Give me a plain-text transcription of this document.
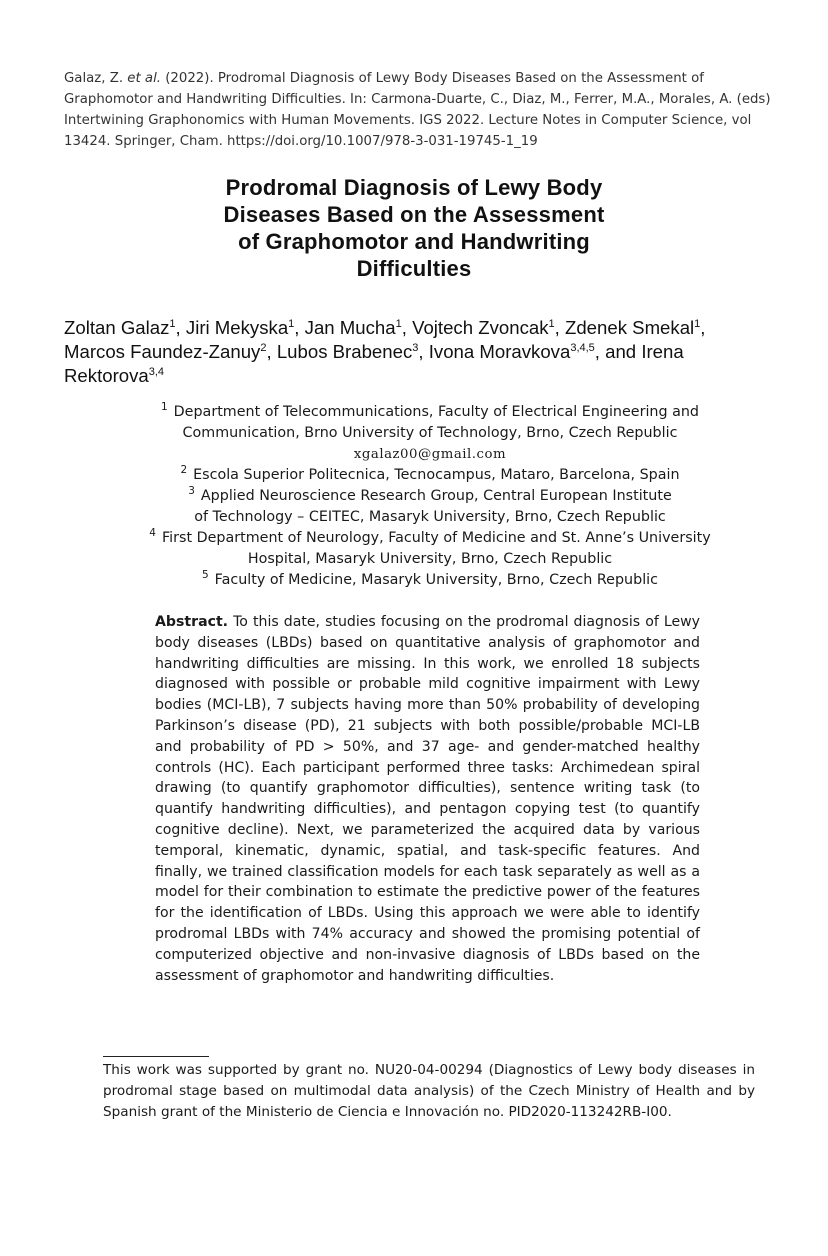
Galaz, Z. et al. (2022). Prodromal Diagnosis of Lewy Body Diseases Based on the Assessment of Graphomotor and Handwriting Difficulties. In: Carmona-Duarte, C., Diaz, M., Ferrer, M.A., Morales, A. (eds) Intertwining Graphonomics with Human Movements. IGS 2022. Lecture Notes in Computer Science, vol 13424. Springer, Cham. https://doi.org/10.1007/978-3-031-19745-1_19
Prodromal Diagnosis of Lewy Body
Diseases Based on the Assessment
of Graphomotor and Handwriting
Difficulties
Zoltan Galaz$^1$, Jiri Mekyska$^1$, Jan Mucha$^1$, Vojtech Zvoncak$^1$, Zdenek Smekal$^1$,
Marcos Faundez-Zanuy$^2$, Lubos Brabenec$^3$, Ivona Moravkova$^{3,4,5}$, and Irena
Rektorova$^{3,4}$
$^1$ Department of Telecommunications, Faculty of Electrical Engineering and
Communication, Brno University of Technology, Brno, Czech Republic
xgalaz00@gmail.com
$^2$ Escola Superior Politecnica, Tecnocampus, Mataro, Barcelona, Spain
$^3$ Applied Neuroscience Research Group, Central European Institute
of Technology – CEITEC, Masaryk University, Brno, Czech Republic
$^4$ First Department of Neurology, Faculty of Medicine and St. Anne’s University
Hospital, Masaryk University, Brno, Czech Republic
$^5$ Faculty of Medicine, Masaryk University, Brno, Czech Republic
Abstract. To this date, studies focusing on the prodromal diagnosis of Lewy body diseases (LBDs) based on quantitative analysis of graphomotor and handwriting difficulties are missing. In this work, we enrolled 18 subjects diagnosed with possible or probable mild cognitive impairment with Lewy bodies (MCI-LB), 7 subjects having more than 50% probability of developing Parkinson’s disease (PD), 21 subjects with both possible/probable MCI-LB and probability of PD > 50%, and 37 age- and gender-matched healthy controls (HC). Each participant performed three tasks: Archimedean spiral drawing (to quantify graphomotor difficulties), sentence writing task (to quantify handwriting difficulties), and pentagon copying test (to quantify cognitive decline). Next, we parameterized the acquired data by various temporal, kinematic, dynamic, spatial, and task-specific features. And finally, we trained classification models for each task separately as well as a model for their combination to estimate the predictive power of the features for the identification of LBDs. Using this approach we were able to identify prodromal LBDs with 74% accuracy and showed the promising potential of computerized objective and non-invasive diagnosis of LBDs based on the assessment of graphomotor and handwriting difficulties.
This work was supported by grant no. NU20-04-00294 (Diagnostics of Lewy body diseases in prodromal stage based on multimodal data analysis) of the Czech Ministry of Health and by Spanish grant of the Ministerio de Ciencia e Innovación no. PID2020-113242RB-I00.
